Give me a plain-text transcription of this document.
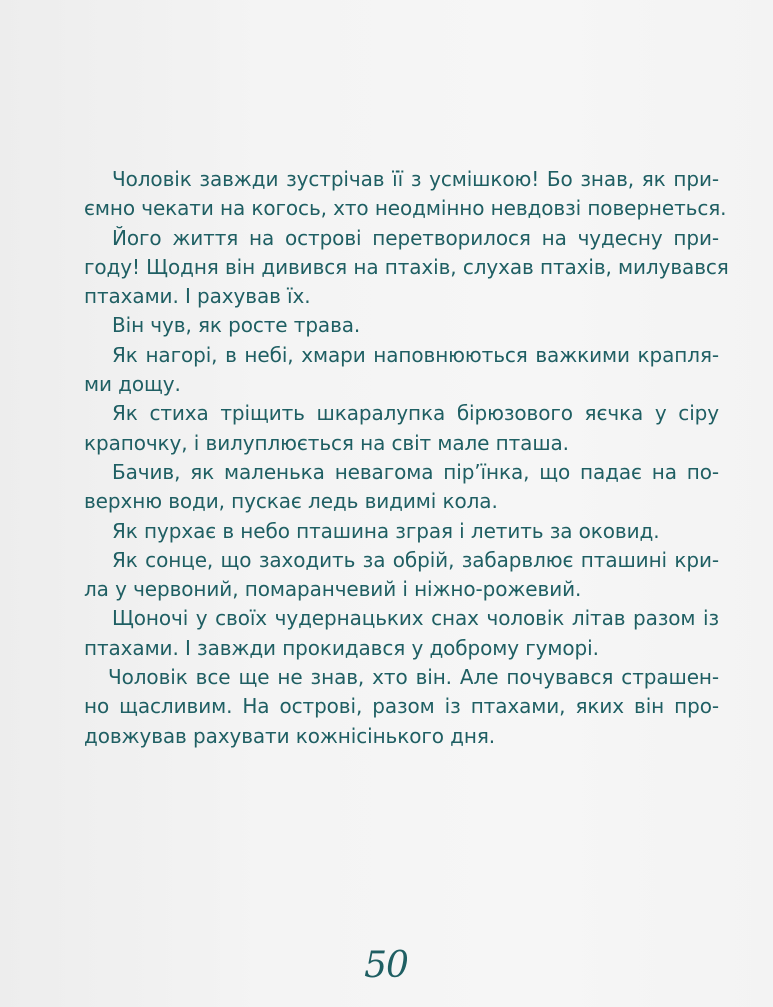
Чоловік завжди зустрічав її з усмішкою! Бо знав, як при-
ємно чекати на когось, хто неодмінно невдовзі повернеться.
Його життя на острові перетворилося на чудесну при-
году! Щодня він дивився на птахів, слухав птахів, милувався
птахами. І рахував їх.
Він чув, як росте трава.
Як нагорі, в небі, хмари наповнюються важкими крапля-
ми дощу.
Як стиха тріщить шкаралупка бірюзового яєчка у сіру
крапочку, і вилуплюється на світ мале пташа.
Бачив, як маленька невагома пір’їнка, що падає на по-
верхню води, пускає ледь видимі кола.
Як пурхає в небо пташина зграя і летить за оковид.
Як сонце, що заходить за обрій, забарвлює пташині кри-
ла у червоний, помаранчевий і ніжно-рожевий.
Щоночі у своїх чудернацьких снах чоловік літав разом із
птахами. І завжди прокидався у доброму гуморі.
Чоловік все ще не знав, хто він. Але почувався страшен-
но щасливим. На острові, разом із птахами, яких він про-
довжував рахувати кожнісінького дня.
50
